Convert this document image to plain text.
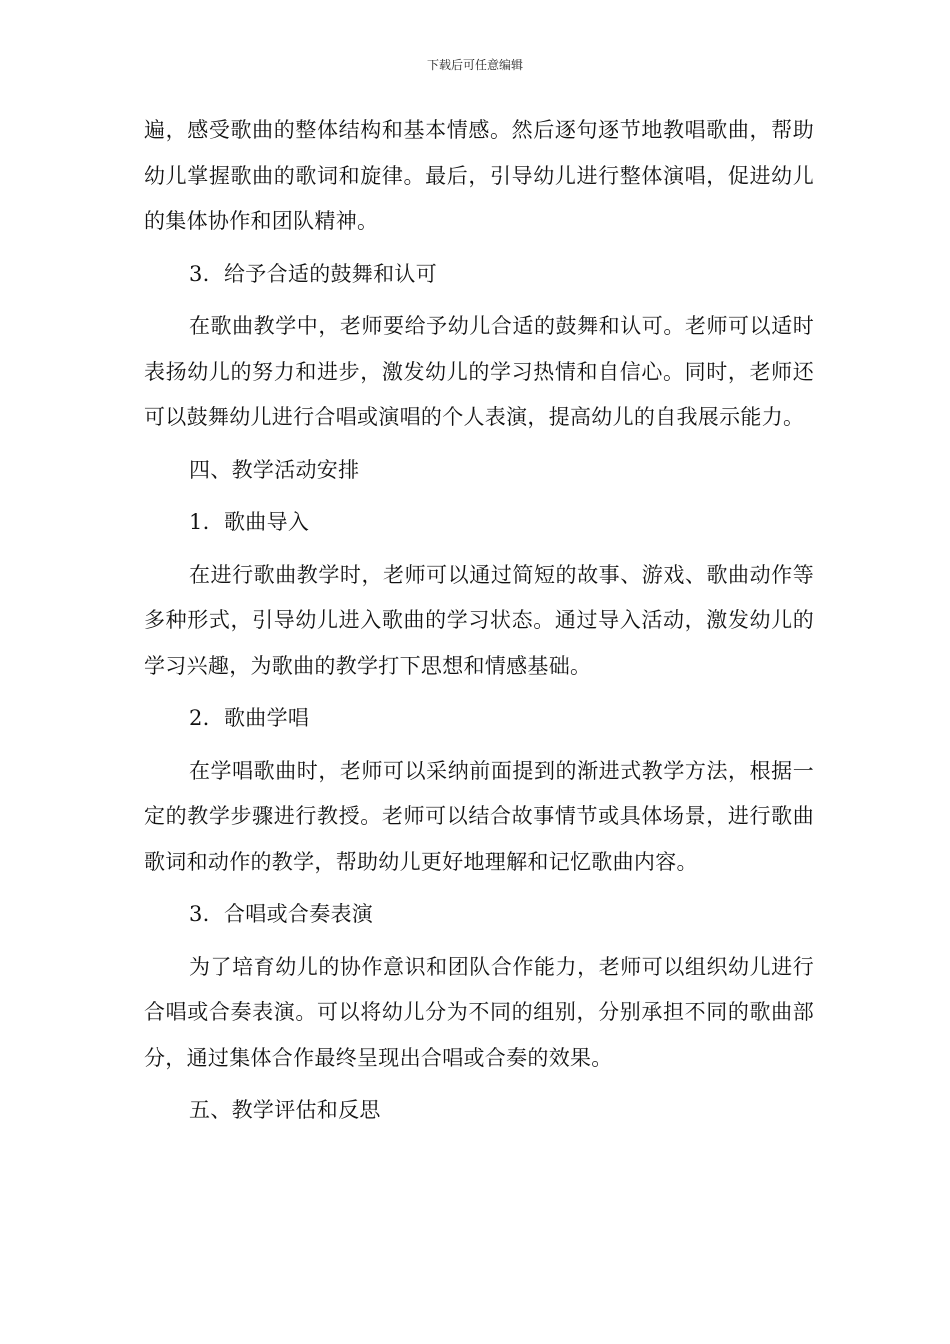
下载后可任意编辑

遍，感受歌曲的整体结构和基本情感。然后逐句逐节地教唱歌曲，帮助幼儿掌握歌曲的歌词和旋律。最后，引导幼儿进行整体演唱，促进幼儿的集体协作和团队精神。

3. 给予合适的鼓舞和认可

在歌曲教学中，老师要给予幼儿合适的鼓舞和认可。老师可以适时表扬幼儿的努力和进步，激发幼儿的学习热情和自信心。同时，老师还可以鼓舞幼儿进行合唱或演唱的个人表演，提高幼儿的自我展示能力。

四、教学活动安排

1. 歌曲导入

在进行歌曲教学时，老师可以通过简短的故事、游戏、歌曲动作等多种形式，引导幼儿进入歌曲的学习状态。通过导入活动，激发幼儿的学习兴趣，为歌曲的教学打下思想和情感基础。

2. 歌曲学唱

在学唱歌曲时，老师可以采纳前面提到的渐进式教学方法，根据一定的教学步骤进行教授。老师可以结合故事情节或具体场景，进行歌曲歌词和动作的教学，帮助幼儿更好地理解和记忆歌曲内容。

3. 合唱或合奏表演

为了培育幼儿的协作意识和团队合作能力，老师可以组织幼儿进行合唱或合奏表演。可以将幼儿分为不同的组别，分别承担不同的歌曲部分，通过集体合作最终呈现出合唱或合奏的效果。

五、教学评估和反思
